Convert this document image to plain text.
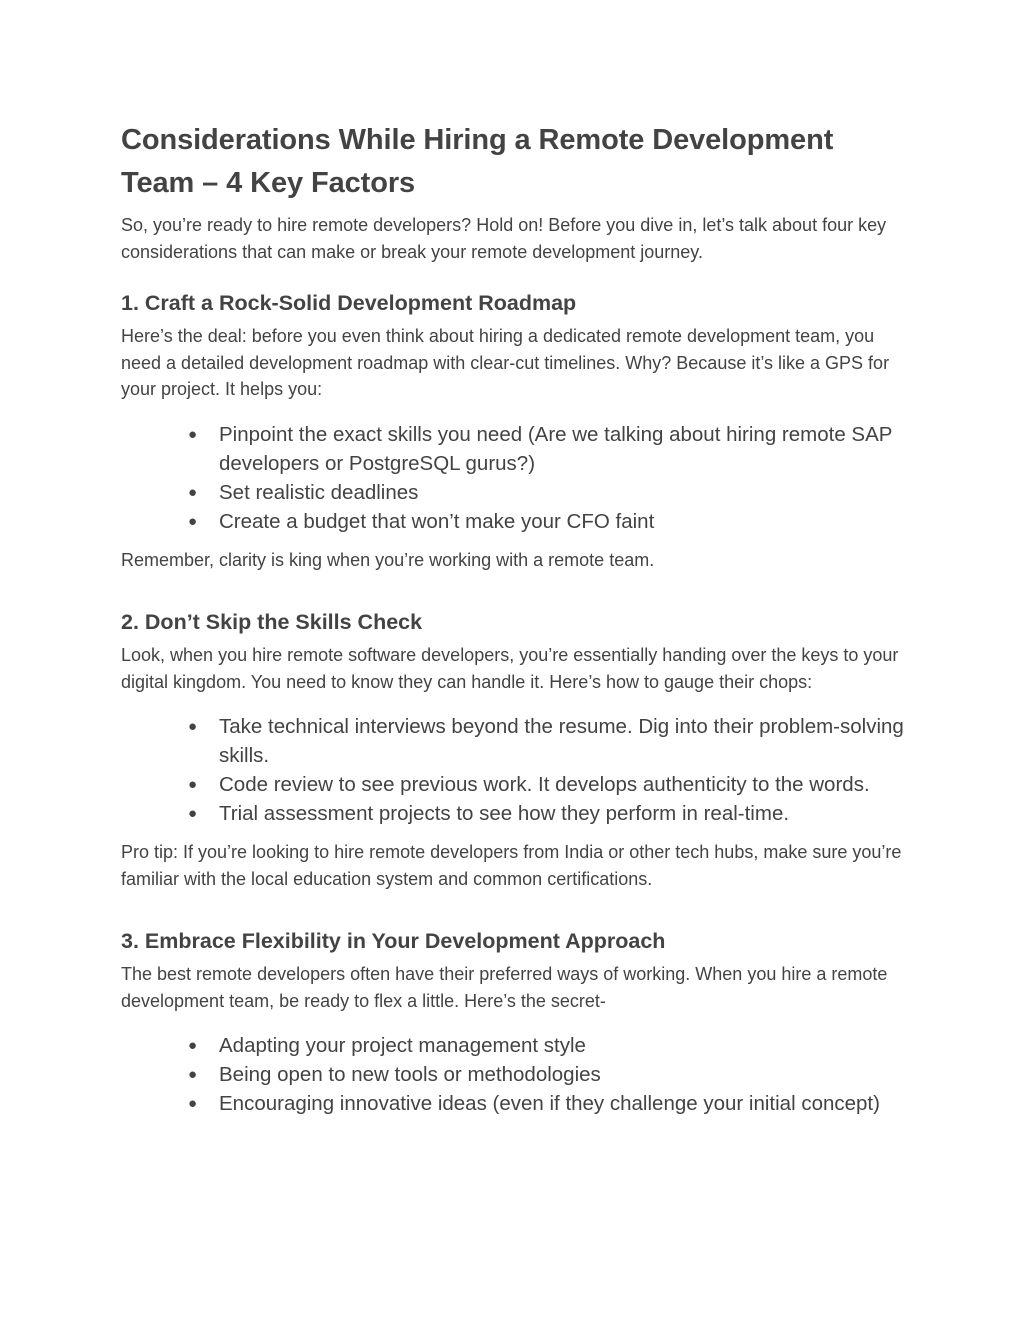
Considerations While Hiring a Remote Development Team – 4 Key Factors

So, you’re ready to hire remote developers? Hold on! Before you dive in, let’s talk about four key considerations that can make or break your remote development journey.

1. Craft a Rock-Solid Development Roadmap

Here’s the deal: before you even think about hiring a dedicated remote development team, you need a detailed development roadmap with clear-cut timelines. Why? Because it’s like a GPS for your project. It helps you:

● Pinpoint the exact skills you need (Are we talking about hiring remote SAP developers or PostgreSQL gurus?)
● Set realistic deadlines
● Create a budget that won’t make your CFO faint

Remember, clarity is king when you’re working with a remote team.

2. Don’t Skip the Skills Check

Look, when you hire remote software developers, you’re essentially handing over the keys to your digital kingdom. You need to know they can handle it. Here’s how to gauge their chops:

● Take technical interviews beyond the resume. Dig into their problem-solving skills.
● Code review to see previous work. It develops authenticity to the words.
● Trial assessment projects to see how they perform in real-time.

Pro tip: If you’re looking to hire remote developers from India or other tech hubs, make sure you’re familiar with the local education system and common certifications.

3. Embrace Flexibility in Your Development Approach

The best remote developers often have their preferred ways of working. When you hire a remote development team, be ready to flex a little. Here’s the secret-

● Adapting your project management style
● Being open to new tools or methodologies
● Encouraging innovative ideas (even if they challenge your initial concept)
